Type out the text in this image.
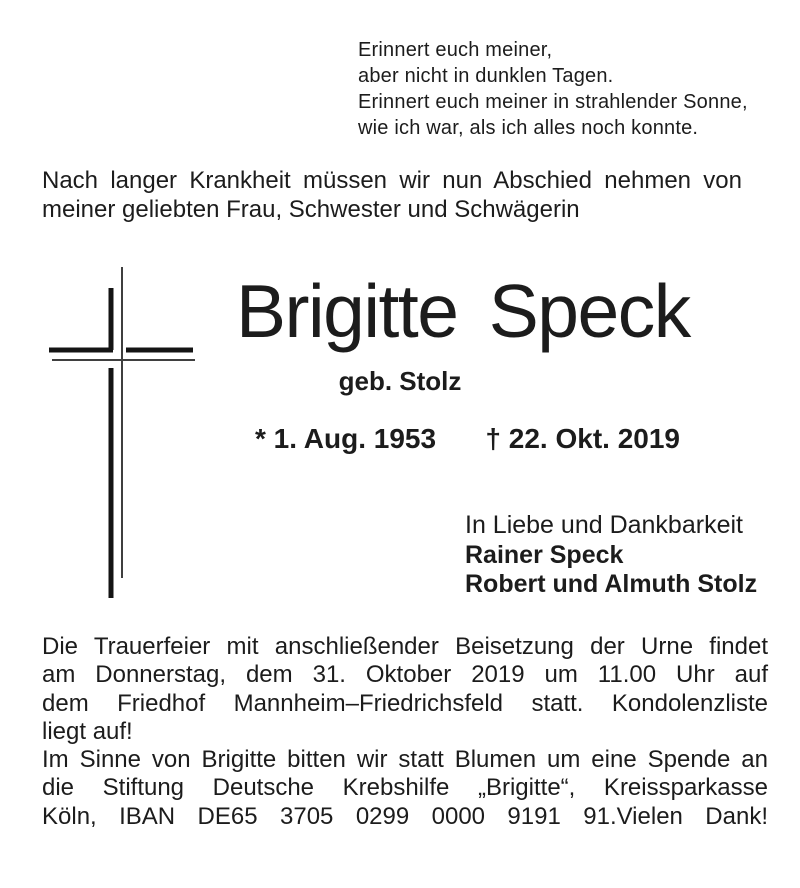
Erinnert euch meiner,
aber nicht in dunklen Tagen.
Erinnert euch meiner in strahlender Sonne,
wie ich war, als ich alles noch konnte.
Nach langer Krankheit müssen wir nun Abschied nehmen von
meiner geliebten Frau, Schwester und Schwägerin
Brigitte Speck
geb. Stolz
* 1. Aug. 1953 † 22. Okt. 2019
In Liebe und Dankbarkeit
Rainer Speck
Robert und Almuth Stolz
Die Trauerfeier mit anschließender Beisetzung der Urne findet
am Donnerstag, dem 31. Oktober 2019 um 11.00 Uhr auf
dem Friedhof Mannheim–Friedrichsfeld statt. Kondolenzliste
liegt auf!
Im Sinne von Brigitte bitten wir statt Blumen um eine Spende an
die Stiftung Deutsche Krebshilfe „Brigitte“, Kreissparkasse
Köln, IBAN DE65 3705 0299 0000 9191 91.Vielen Dank!
